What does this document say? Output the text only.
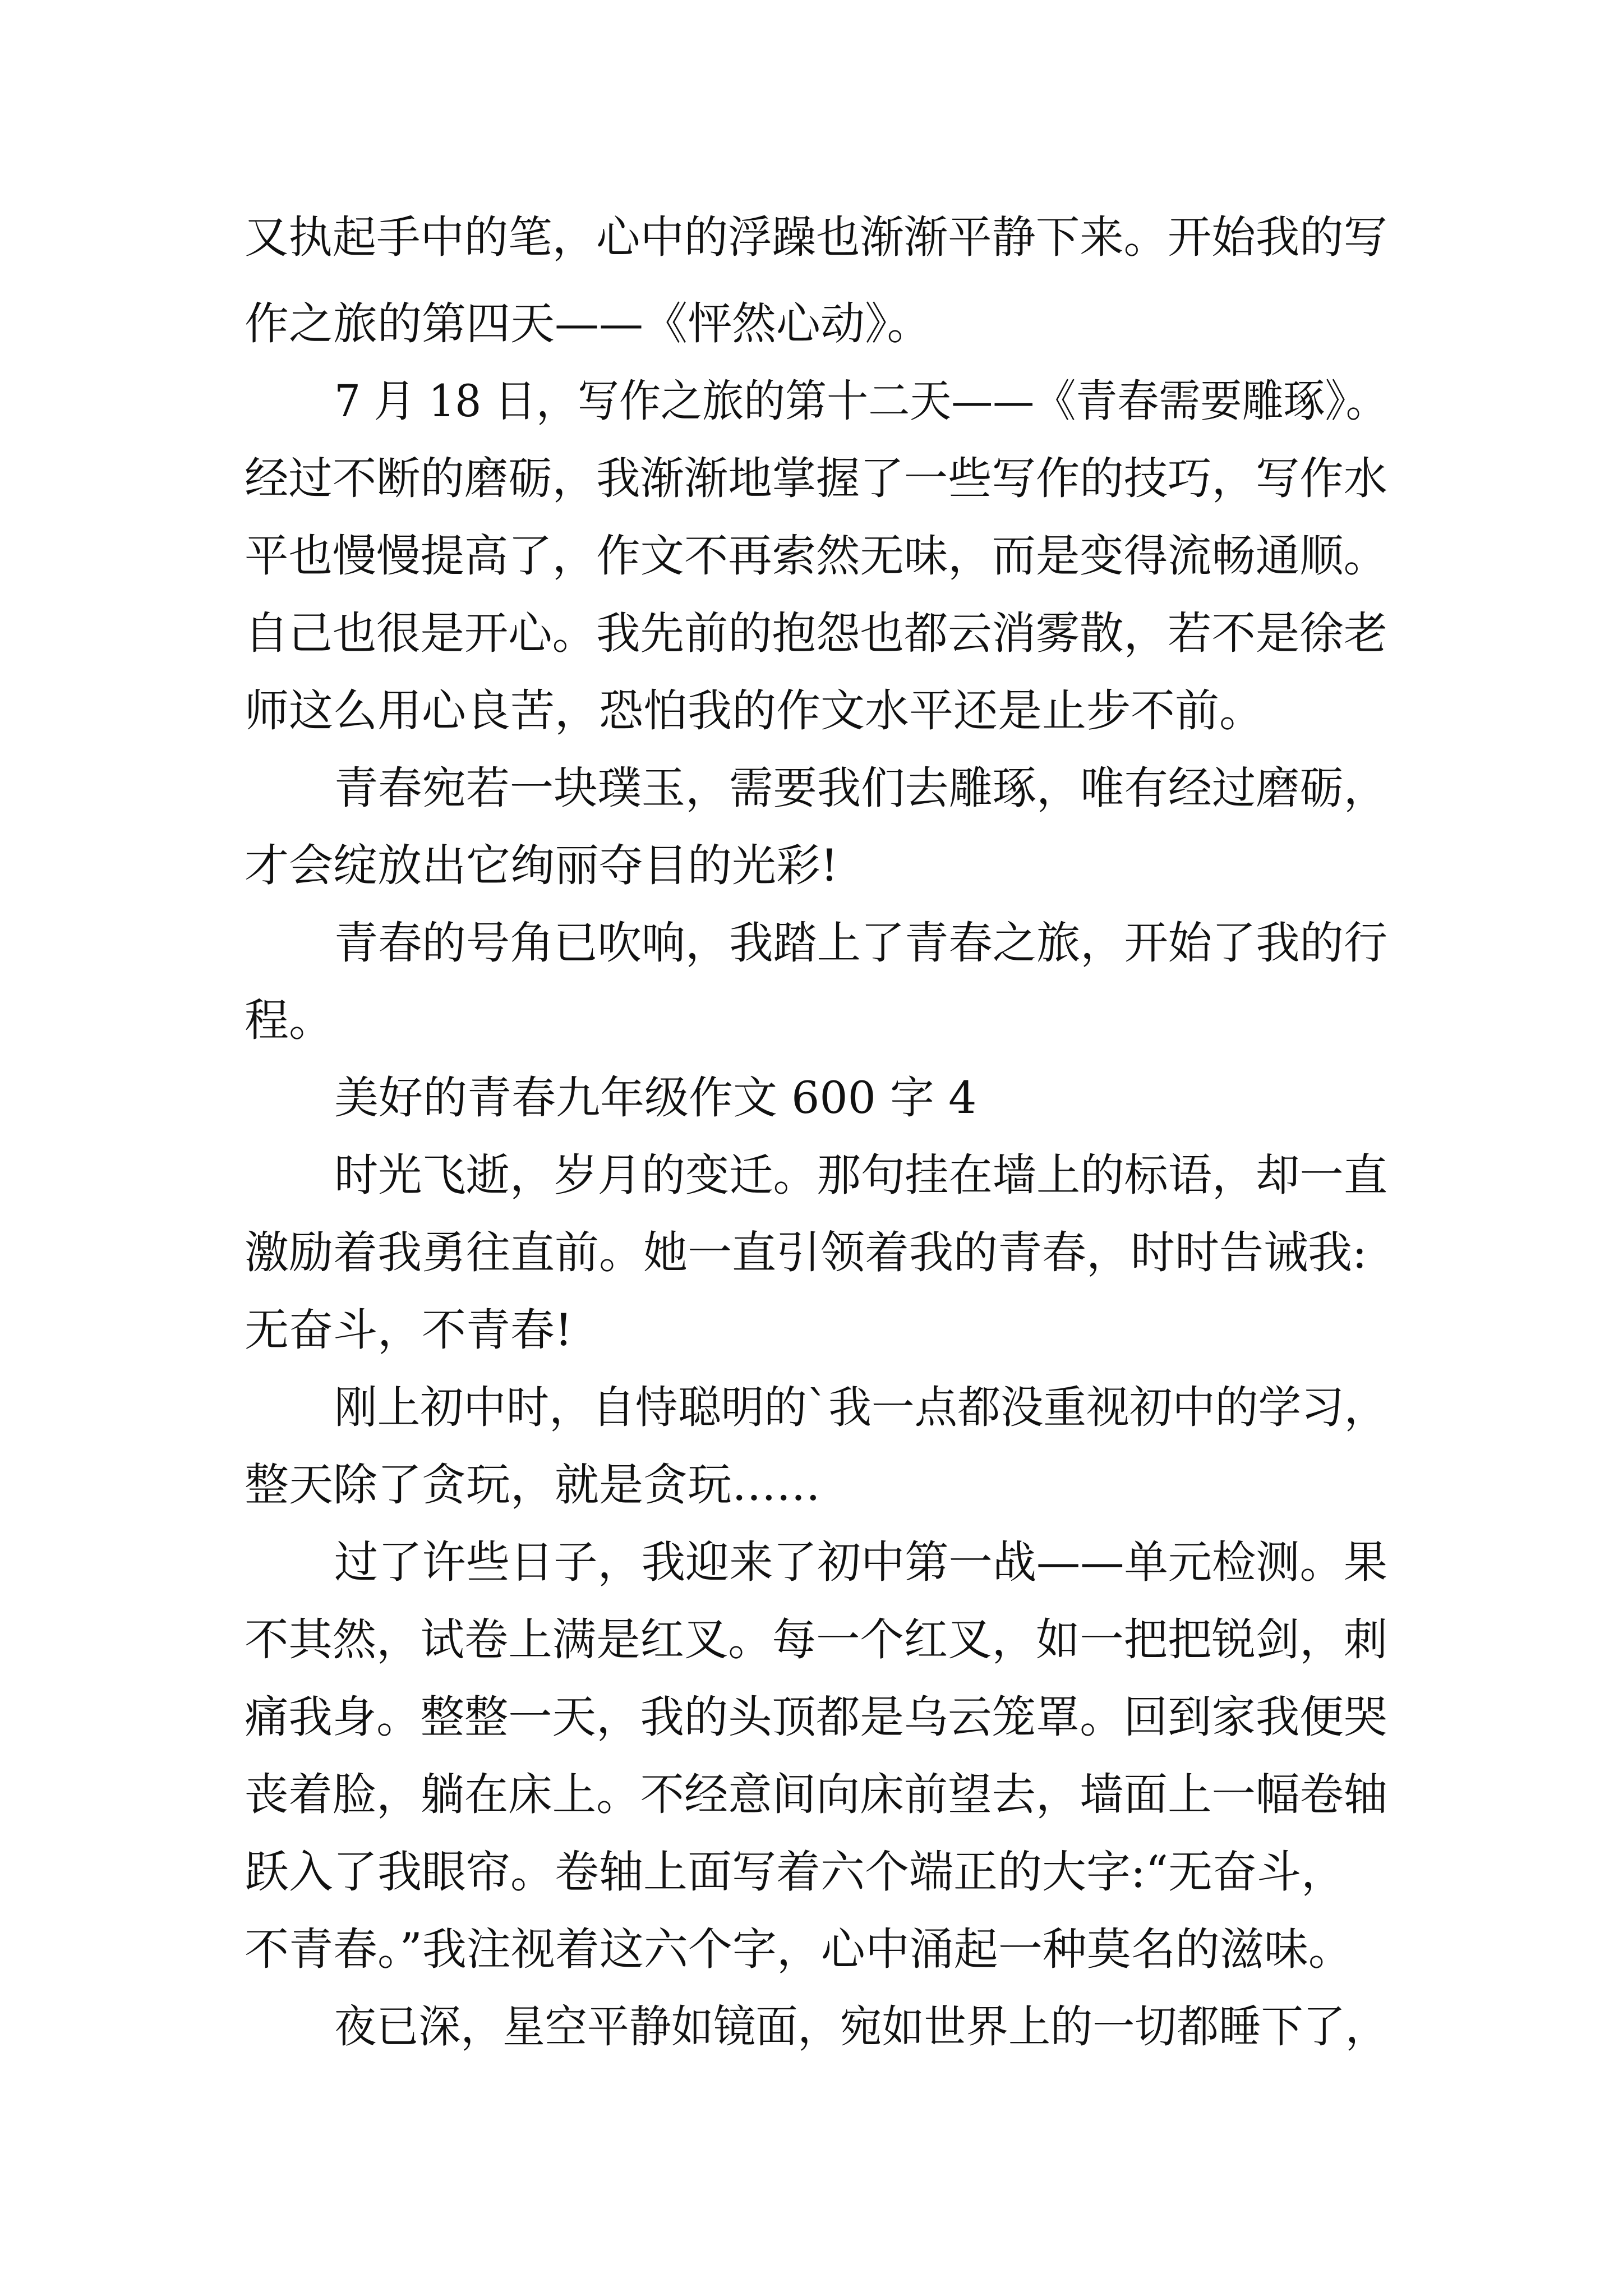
又执起手中的笔，心中的浮躁也渐渐平静下来。开始我的写
作之旅的第四天——《怦然心动》。
7 月 18 日，写作之旅的第十二天——《青春需要雕琢》。
经过不断的磨砺，我渐渐地掌握了一些写作的技巧，写作水
平也慢慢提高了，作文不再索然无味，而是变得流畅通顺。
自己也很是开心。我先前的抱怨也都云消雾散，若不是徐老
师这么用心良苦，恐怕我的作文水平还是止步不前。
青春宛若一块璞玉，需要我们去雕琢，唯有经过磨砺，
才会绽放出它绚丽夺目的光彩!
青春的号角已吹响，我踏上了青春之旅，开始了我的行
程。
美好的青春九年级作文 600 字 4
时光飞逝，岁月的变迁。那句挂在墙上的标语，却一直
激励着我勇往直前。她一直引领着我的青春，时时告诫我:
无奋斗，不青春!
刚上初中时，自恃聪明的`我一点都没重视初中的学习，
整天除了贪玩，就是贪玩……
过了许些日子，我迎来了初中第一战——单元检测。果
不其然，试卷上满是红叉。每一个红叉，如一把把锐剑，刺
痛我身。整整一天，我的头顶都是乌云笼罩。回到家我便哭
丧着脸，躺在床上。不经意间向床前望去，墙面上一幅卷轴
跃入了我眼帘。卷轴上面写着六个端正的大字:“无奋斗，
不青春。”我注视着这六个字，心中涌起一种莫名的滋味。
夜已深，星空平静如镜面，宛如世界上的一切都睡下了，
